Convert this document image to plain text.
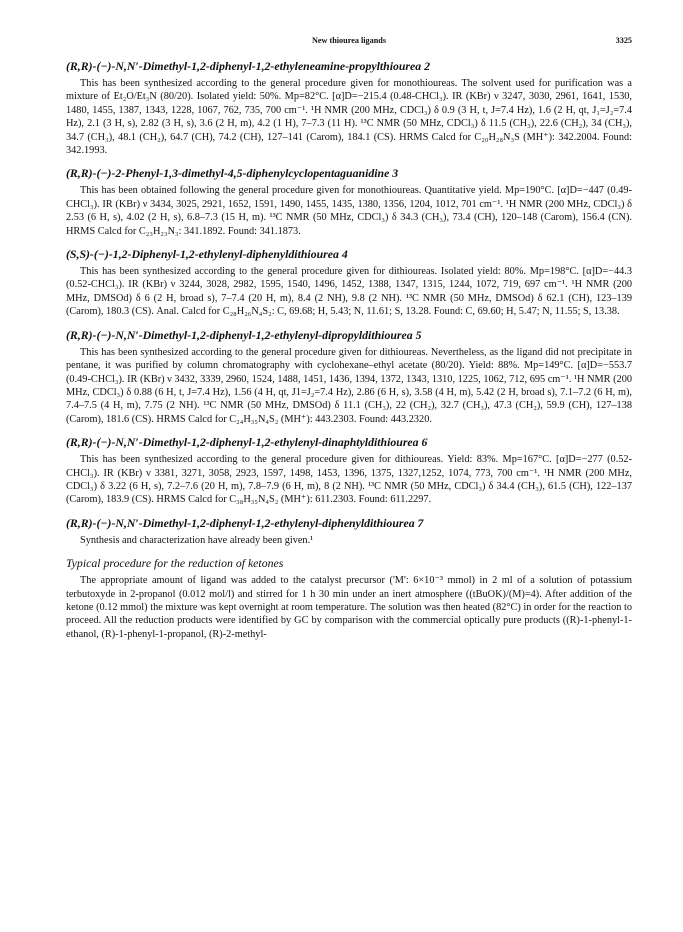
New thiourea ligands	3325
(R,R)-(−)-N,N′-Dimethyl-1,2-diphenyl-1,2-ethyleneamine-propylthiourea 2

This has been synthesized according to the general procedure given for monothioureas. The solvent used for purification was a mixture of Et₂O/Et₃N (80/20). Isolated yield: 50%. Mp=82°C. [α]D=−215.4 (0.48-CHCl₃). IR (KBr) ν 3247, 3030, 2961, 1641, 1530, 1480, 1455, 1387, 1343, 1228, 1067, 762, 735, 700 cm⁻¹. ¹H NMR (200 MHz, CDCl₃) δ 0.9 (3 H, t, J=7.4 Hz), 1.6 (2 H, qt, J₁=J₂=7.4 Hz), 2.1 (3 H, s), 2.82 (3 H, s), 3.6 (2 H, m), 4.2 (1 H), 7–7.3 (11 H). ¹³C NMR (50 MHz, CDCl₃) δ 11.5 (CH₃), 22.6 (CH₂), 34 (CH₃), 34.7 (CH₃), 48.1 (CH₂), 64.7 (CH), 74.2 (CH), 127–141 (Carom), 184.1 (CS). HRMS Calcd for C₂₀H₂₈N₃S (MH⁺): 342.2004. Found: 342.1993.

(R,R)-(−)-2-Phenyl-1,3-dimethyl-4,5-diphenylcyclopentaguanidine 3

This has been obtained following the general procedure given for monothioureas. Quantitative yield. Mp=190°C. [α]D=−447 (0.49-CHCl₃). IR (KBr) ν 3434, 3025, 2921, 1652, 1591, 1490, 1455, 1435, 1380, 1356, 1204, 1012, 701 cm⁻¹. ¹H NMR (200 MHz, CDCl₃) δ 2.53 (6 H, s), 4.02 (2 H, s), 6.8–7.3 (15 H, m). ¹³C NMR (50 MHz, CDCl₃) δ 34.3 (CH₃), 73.4 (CH), 120–148 (Carom), 156.4 (CN). HRMS Calcd for C₂₃H₂₃N₃: 341.1892. Found: 341.1873.

(S,S)-(−)-1,2-Diphenyl-1,2-ethylenyl-diphenyldithiourea 4

This has been synthesized according to the general procedure given for dithioureas. Isolated yield: 80%. Mp=198°C. [α]D=−44.3 (0.52-CHCl₃). IR (KBr) ν 3244, 3028, 2982, 1595, 1540, 1496, 1452, 1388, 1347, 1315, 1244, 1072, 719, 697 cm⁻¹. ¹H NMR (200 MHz, DMSOd) δ 6 (2 H, broad s), 7–7.4 (20 H, m), 8.4 (2 NH), 9.8 (2 NH). ¹³C NMR (50 MHz, DMSOd) δ 62.1 (CH), 123–139 (Carom), 180.3 (CS). Anal. Calcd for C₂₈H₂₆N₄S₂: C, 69.68; H, 5.43; N, 11.61; S, 13.28. Found: C, 69.60; H, 5.47; N, 11.55; S, 13.38.

(R,R)-(−)-N,N′-Dimethyl-1,2-diphenyl-1,2-ethylenyl-dipropyldithiourea 5

This has been synthesized according to the general procedure given for dithioureas. Nevertheless, as the ligand did not precipitate in pentane, it was purified by column chromatography with cyclohexane–ethyl acetate (80/20). Yield: 88%. Mp=149°C. [α]D=−553.7 (0.49-CHCl₃). IR (KBr) ν 3432, 3339, 2960, 1524, 1488, 1451, 1436, 1394, 1372, 1343, 1310, 1225, 1062, 712, 695 cm⁻¹. ¹H NMR (200 MHz, CDCl₃) δ 0.88 (6 H, t, J=7.4 Hz), 1.56 (4 H, qt, J1=J₂=7.4 Hz), 2.86 (6 H, s), 3.58 (4 H, m), 5.42 (2 H, broad s), 7.1–7.2 (6 H, m), 7.4–7.5 (4 H, m), 7.75 (2 NH). ¹³C NMR (50 MHz, DMSOd) δ 11.1 (CH₃), 22 (CH₂), 32.7 (CH₃), 47.3 (CH₂), 59.9 (CH), 127–138 (Carom), 181.6 (CS). HRMS Calcd for C₂₄H₃₅N₄S₂ (MH⁺): 443.2303. Found: 443.2320.

(R,R)-(−)-N,N′-Dimethyl-1,2-diphenyl-1,2-ethylenyl-dinaphtyldithiourea 6

This has been synthesized according to the general procedure given for dithioureas. Yield: 83%. Mp=167°C. [α]D=−277 (0.52-CHCl₃). IR (KBr) ν 3381, 3271, 3058, 2923, 1597, 1498, 1453, 1396, 1375, 1327,1252, 1074, 773, 700 cm⁻¹. ¹H NMR (200 MHz, CDCl₃) δ 3.22 (6 H, s), 7.2–7.6 (20 H, m), 7.8–7.9 (6 H, m), 8 (2 NH). ¹³C NMR (50 MHz, CDCl₃) δ 34.4 (CH₃), 61.5 (CH), 122–137 (Carom), 183.9 (CS). HRMS Calcd for C₃₈H₃₅N₄S₂ (MH⁺): 611.2303. Found: 611.2297.

(R,R)-(−)-N,N′-Dimethyl-1,2-diphenyl-1,2-ethylenyl-diphenyldithiourea 7

Synthesis and characterization have already been given.¹

Typical procedure for the reduction of ketones

The appropriate amount of ligand was added to the catalyst precursor ('M': 6×10⁻³ mmol) in 2 ml of a solution of potassium terbutoxyde in 2-propanol (0.012 mol/l) and stirred for 1 h 30 min under an inert atmosphere ((tBuOK)/(M)=4). After addition of the ketone (0.12 mmol) the mixture was kept overnight at room temperature. The solution was then heated (82°C) in order for the reaction to proceed. All the reduction products were identified by GC by comparison with the commercial optically pure products ((R)-1-phenyl-1-ethanol, (R)-1-phenyl-1-propanol, (R)-2-methyl-
